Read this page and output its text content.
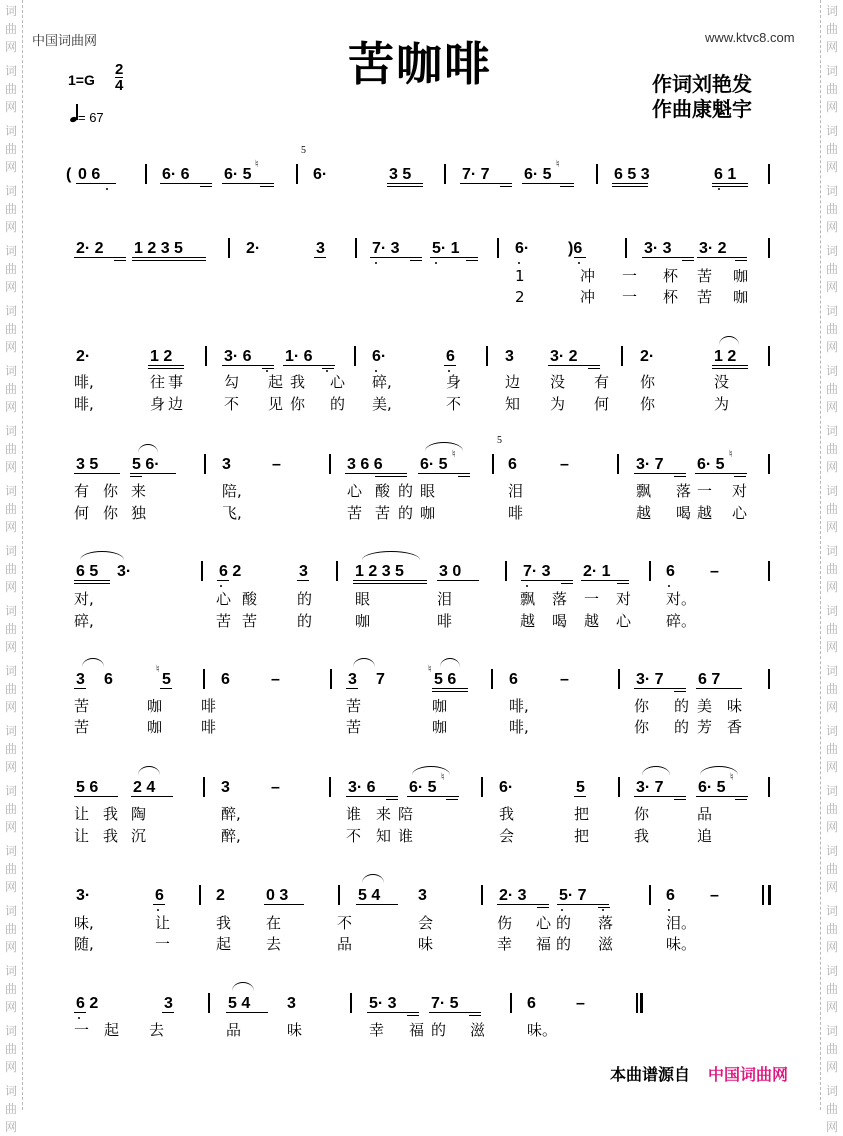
词
曲
网
词
曲
网
词
曲
网
词
曲
网
词
曲
网
词
曲
网
词
曲
网
词
曲
网
词
曲
网
词
曲
网
词
曲
网
词
曲
网
词
曲
网
词
曲
网
词
曲
网
词
曲
网
词
曲
网
词
曲
网
词
曲
网
词
曲
网
词
曲
网
词
曲
网
词
曲
网
词
曲
网
词
曲
网
词
曲
网
词
曲
网
词
曲
网
词
曲
网
词
曲
网
词
曲
网
词
曲
网
词
曲
网
词
曲
网
词
曲
网
词
曲
网
词
曲
网
词
曲
网
中国词曲网	www.ktvc8.com
苦咖啡
1=G
2
4
= 67
作词刘艳发
作曲康魁宇
( 0 6	6· 6 6· 5
♮
5
6·	3 5	7· 7 6· 5
♮
6 5 3	6 1
2· 2 1 2 3 5	2·	3	7· 3 5· 1	6· )6	3· 3 3· 2
1	冲 一 杯 苦 咖
2	冲 一 杯 苦 咖
2·	1 2	3· 6 1· 6	6·	6	3 3· 2	2·	1 2
啡,	往 事	勾 起 我 心 碎,	身	边 没 有 你	没
啡,	身 边	不 见 你 的 美,	不	知 为 何 你	为
3 5 5 6·	3	–	3 6 6 6· 5
♮
5
6	–	3· 7 6· 5
♮
有 你 来	陪,	心 酸 的 眼	泪	飘 落 一 对
何 你 独	飞,	苦 苦 的 咖	啡	越 喝 越 心
6 5 3·	6 2	3	1 2 3 5 3 0	7· 3 2· 1	6 –
对,	心 酸	的	眼	泪	飘 落 一 对 对。
碎,	苦 苦	的	咖	啡	越 喝 越 心 碎。
3 6
♮
5	6	–	3 7
♮
5 6	6	–	3· 7 6 7
苦	咖	啡	苦	咖	啡,	你 的 美 味
苦	咖	啡	苦	咖	啡,	你 的 芳 香
5 6 2 4	3	–	3· 6 6· 5
♮
6·	5	3· 7 6· 5
♮
让 我 陶	醉,	谁 来 陪	我	把	你	品
让 我 沉	醉,	不 知 谁	会	把	我	追
3·	6	2	0 3	5 4 3	2· 3 5· 7	6 –
味,	让	我 在	不	会	伤 心 的 落	泪。
随,	一	起 去	品	味	幸 福 的 滋	味。
6 2	3	5 4 3	5· 3 7· 5	6	–
一 起 去	品	味	幸 福 的 滋	味。
本曲谱源自 中国词曲网
